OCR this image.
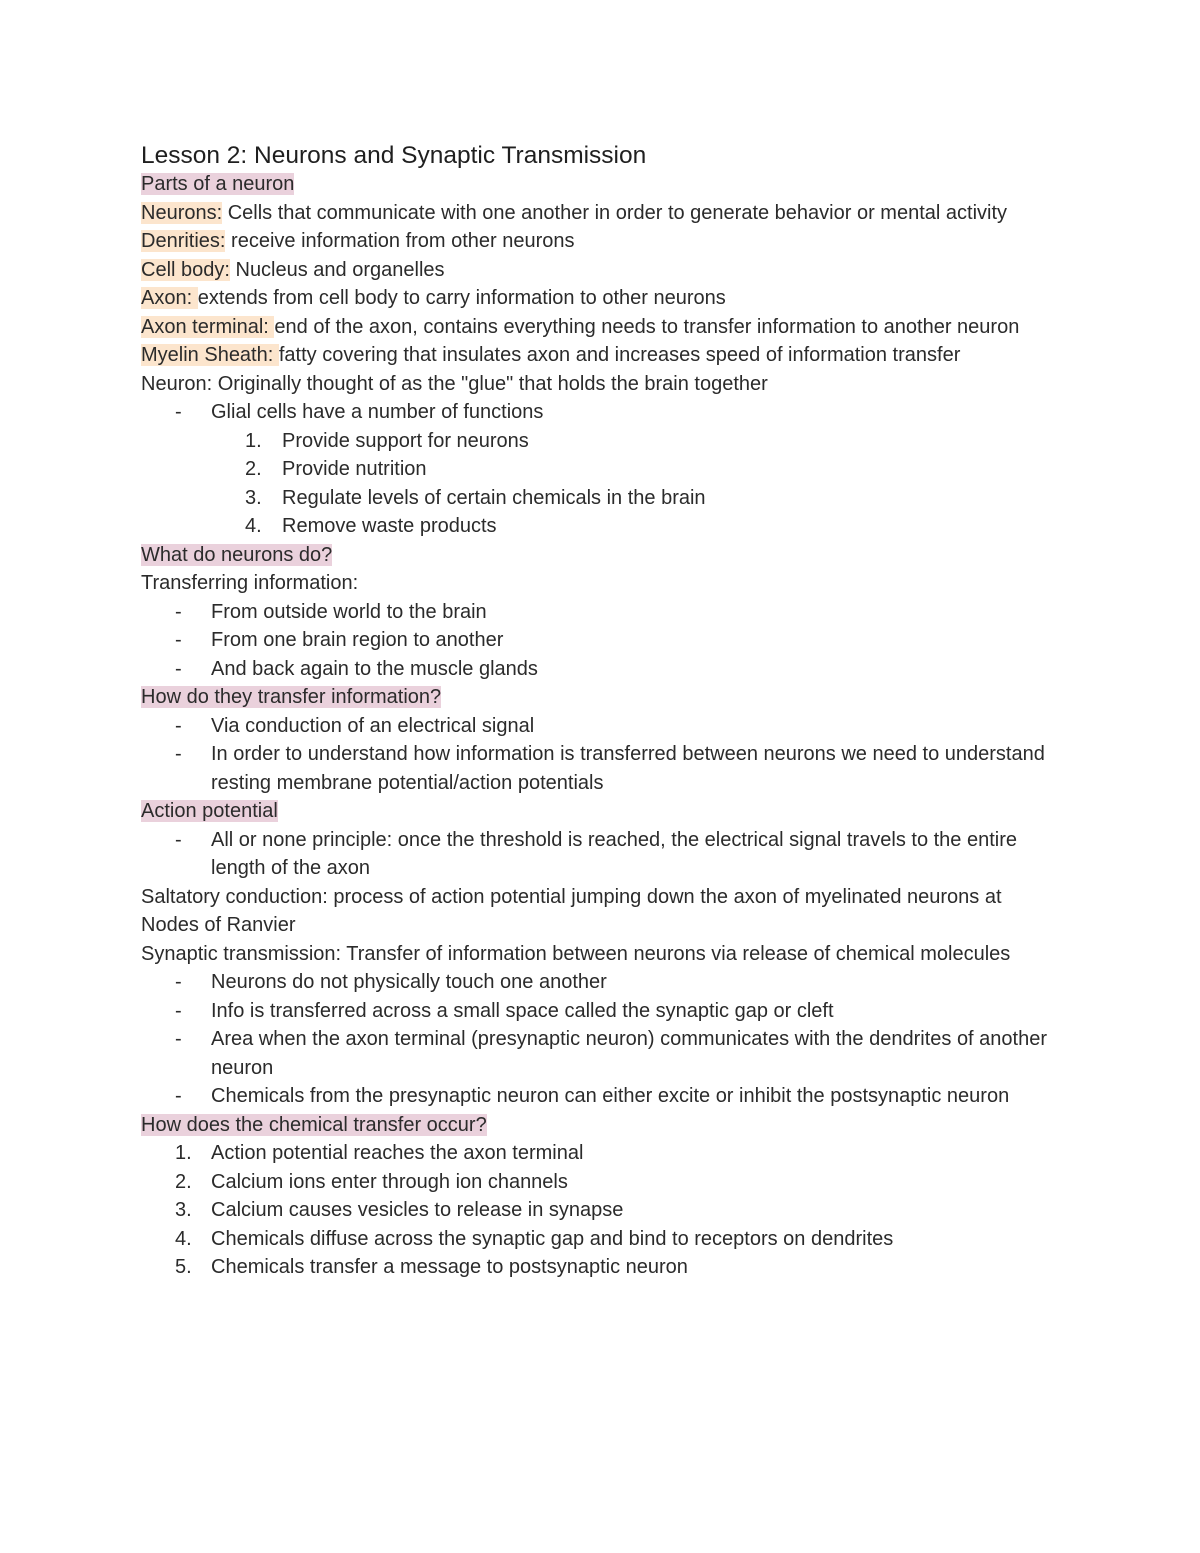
Lesson 2: Neurons and Synaptic Transmission

Parts of a neuron

Neurons: Cells that communicate with one another in order to generate behavior or mental activity

Denrities: receive information from other neurons

Cell body: Nucleus and organelles

Axon: extends from cell body to carry information to other neurons

Axon terminal: end of the axon, contains everything needs to transfer information to another neuron

Myelin Sheath: fatty covering that insulates axon and increases speed of information transfer

Neuron: Originally thought of as the "glue" that holds the brain together

- Glial cells have a number of functions
1. Provide support for neurons
2. Provide nutrition
3. Regulate levels of certain chemicals in the brain
4. Remove waste products

What do neurons do?

Transferring information:

- From outside world to the brain
- From one brain region to another
- And back again to the muscle glands

How do they transfer information?

- Via conduction of an electrical signal
- In order to understand how information is transferred between neurons we need to understand resting membrane potential/action potentials

Action potential

- All or none principle: once the threshold is reached, the electrical signal travels to the entire length of the axon

Saltatory conduction: process of action potential jumping down the axon of myelinated neurons at Nodes of Ranvier

Synaptic transmission: Transfer of information between neurons via release of chemical molecules

- Neurons do not physically touch one another
- Info is transferred across a small space called the synaptic gap or cleft
- Area when the axon terminal (presynaptic neuron) communicates with the dendrites of another neuron
- Chemicals from the presynaptic neuron can either excite or inhibit the postsynaptic neuron

How does the chemical transfer occur?

1. Action potential reaches the axon terminal
2. Calcium ions enter through ion channels
3. Calcium causes vesicles to release in synapse
4. Chemicals diffuse across the synaptic gap and bind to receptors on dendrites
5. Chemicals transfer a message to postsynaptic neuron
